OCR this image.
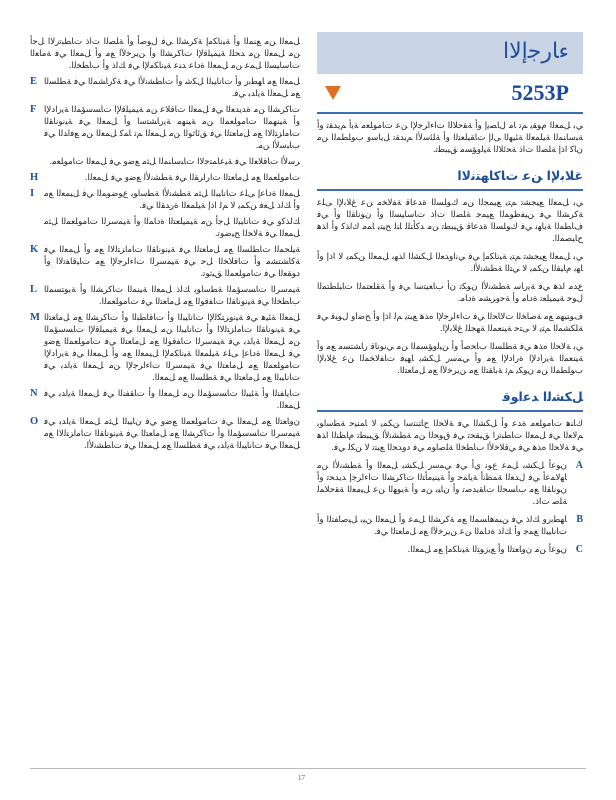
ﺀﺎﺭﺟﺇﻻﺍ
5253P

ﻲﺑ ﻞﻤﻌﻟﺍ ﻡﻮﻘﻳ ﻢﺗ ﺎﻣ ﻝﺎﺼﻳﺇ ﻭﺃ ﺔﻘﺣﻼﻟﺍ ﺕﺍﺀﺍﺮﺟﻹﺍ ﻦﻋ ﺕﺎﻣﻮﻠﻌﻣ ﺔﻳﺃ ﻢﻳﺪﻘﺗ ﻭﺃ ﺔﺒﺳﺎﻨﻤﻟﺍ ﺔﻴﻠﻤﻌﻟﺍ ﺔﺌﻴﻬﻟﺍ ﻰﻟﺇ ﺕﺎﻘﻴﻠﻌﺘﻟﺍ ﻭﺃ ﺔﻠﺌﺳﻷﺍ ﻢﻳﺪﻘﺗ ﻞﻳﺎﺳﻭ ﺏﻮﻠﻄﻤﻟﺍ ﻦﻣ ﻥﺎﻛ ﺍﺫﺇ ﺔﻠﺼﻟﺍ ﺕﺍﺫ ﺔﺤﺋﻼﻟﺍ ﺔﻴﻟﻭﺆﺴﻣ ﻖﻴﺒﻄﺗ.

ﻏﻼﺑﻹﺍ ﻦﻋ ﺕﺎﻛﺎﻬﺘﻧﻻﺍ

ﻲﺑ ﻞﻤﻌﻟﺍ ﻊﻴﺠﺸﺗ ﻢﺘﻳ ﻊﻴﻤﺠﻟﺍ ﻦﻣ ﻙﻮﻠﺴﻟﺍ ﺓﺪﻋﺎﻗ ﺔﻔﻟﺎﺨﻣ ﻦﻋ ﻍﻼﺑﻹﺍ ﻰﻠﻋ ﺔﻛﺮﺸﻟﺍ ﻲﻓ ﻦﻴﻔﻇﻮﻤﻟﺍ ﻊﻴﻤﺟ ﺔﻠﺼﻟﺍ ﺕﺍﺫ ﺕﺎﺳﺎﻴﺴﻟﺍ ﻭﺃ ﻥﻮﻧﺎﻘﻟﺍ ﻭﺃ ﻲﻓ ﻑﺎﻄﻤﻟﺍ ﺔﻳﺎﻬﻧ ﻲﻓ ﻙﻮﻠﺴﻟﺍ ﺓﺪﻋﺎﻗ ﻖﻴﺒﻄﺗ ﻦﻣ ﺪﻛﺄﺘﻠﻟ ﺎﻨﻟ ﺢﻴﺘﻳ ﺎﻤﻣ ﻙﺍﺬﻛ ﻭﺃ ﺍﺬﻫ ﺡﺎﺒﺼﻤﻟﺍ.

ﻲﺑ ﻞﻤﻌﻟﺍ ﻊﻴﺠﺸﺗ ﻢﺘﻳ ﺔﻴﻧﺎﻜﻣﺇ ﻲﻓ ﻲﻧﺍﻭﺪﻌﻟﺍ ﻞﻜﺸﻟﺍ ﺍﺬﻬﺑ ﻞﻤﻌﻟﺍ ﻦﻜﻤﻳ ﻻ ﺍﺫﺇ ﻭﺃ ﺎﻬﺑ ﻡﺎﻴﻘﻟﺍ ﻦﻜﻤﻳ ﻻ ﻲﺘﻟﺍ ﺔﻄﺸﻧﻷﺍ.

ﻉﺪﻣ ﺍﺬﻫ ﻲﻓ ﺔﻳﺭﺎﺳ ﺔﻄﺸﻧﻷﺍ ﻥﻮﻜﺗ ﻥﺃ ﺏﺎﻌﻴﺘﺳﺍ ﻲﻓ ﻭﺃ ﺔﻘﻠﻌﺘﻤﻟﺍ ﺕﺎﺒﻠﻄﺘﻤﻟﺍ ﻝﻮﺣ ﺔﻴﻤﻴﻠﻌﺗ ﺓﺩﺎﻣ ﻭﺃ ﺔﺣﻭﺮﺸﻣ ﺓﺩﺎﻣ.

ﻑﻮﺘﻴﻬﻣ ﻊﻣ ﺔﺻﺎﺨﻟﺍ ﺕﻻﺎﺤﻟﺍ ﻲﻓ ﺕﺍﺀﺍﺮﺟﻹﺍ ﻩﺬﻫ ﻊﺒﺘﻳ ﻢﻟ ﺍﺫﺇ ﻭﺃ ﺢﺿﺍﻭ ﻝﻮﺒﻗ ﻲﻓ ﺔﻠﻜﺸﻤﻟﺍ ﻢﺘﻳ ﻻ ﻰﺘﺣ ﺔﻴﻨﻌﻤﻟﺍ ﺔﻬﺠﻠﻟ ﻍﻼﺑﻹﺍ.

ﻲﺑ ﺔﻟﺎﺤﻟﺍ ﻩﺬﻫ ﻲﻓ ﺔﻄﻠﺴﻟﺍ ﺏﺎﺤﺻﺃ ﻭﺃ ﻦﻴﻟﻭﺆﺴﻤﻟﺍ ﻦﻣ ﻲﻧﻮﻧﺎﻗ ﺭﺎﺸﺘﺴﻣ ﻊﻣ ﻭﺃ ﺔﻴﻨﻌﻤﻟﺍ ﺔﻳﺭﺍﺩﻹﺍ ﺓﺭﺍﺩﻹﺍ ﻊﻣ ﻭﺃ ﻲﻤﺳﺭ ﻞﻜﺸﺑ ﺎﻬﻴﻓ ﺕﺎﻔﻟﺎﺨﻤﻟﺍ ﻦﻋ ﻍﻼﺑﻹﺍ ﺏﻮﻠﻄﻤﻟﺍ ﻦﻣ ﻥﻮﻜﻳ ﻢﺛ ﺔﺑﺎﻘﺘﻟﺍ ﻊﻣ ﻦﻳﺮﺧﻵﺍ ﻊﻣ ﻞﻣﺎﻌﺘﻟﺍ.

ﻞﻜﺸﻟﺍ ﺪﻋﺍﻮﻗ

ﻙﺎﻨﻫ ﺕﺎﻣﻮﻠﻌﻣ ﺓﺪﻋ ﻭﺃ ﻞﻜﺸﻟﺍ ﻲﻓ ﺔﻟﺎﺤﻟﺍ ﺡﺎﺘﻨﺘﺳﺍ ﻦﻜﻤﻳ ﻻ ﺎﻤﻨﻴﺣ ﺔﻄﺳﺍﻮﺑ ﻢﻟﺎﻌﻟﺍ ﻲﻓ ﻞﻤﻌﻟﺍ ﺕﺎﻄﺒﺗﺭﺍ ﻖﻴﻘﺤﺗ ﻲﻓ ﻕﻮﺤﻟﺍ ﻦﻣ ﺔﻄﺸﻧﻷﺍ ﻖﻴﺒﻄﺗ ﻡﺎﻈﻨﻟﺍ ﺍﺬﻫ ﻲﻓ ﺔﻟﺎﺤﻟﺍ ﻩﺬﻫ ﻲﻓ ﻲﻗﻼﺧﻷﺍ ﺏﺎﻄﺨﻟﺍ ﺔﻠﺻﺍﻮﻣ ﻲﻓ ﺩﻭﺪﺤﻟﺍ ﻊﺒﺘﺗ ﻻ ﻦﻜﻟ ﻲﻓ.

A
ﻥﻮﻋﺃ ﻞﻜﺸﺑ ﻞﻤﻋ ﻉﻮﻧ ﻱﺃ ﻲﻓ ﻲﻤﺳﺭ ﻞﻜﺸﺑ ﻞﻤﻌﻟﺍ ﻭﺃ ﺔﻄﺸﻧﻷﺍ ﻦﻣ ﺎﻬﻟﺎﻤﻋﺃ ﻲﻓ ﻝﺪﻌﻟﺍ ﺔﻤﻈﻧﺃ ﺔﻳﺎﻤﺣ ﻭﺃ ﺔﻴﻨﻴﻣﺄﺘﻟﺍ ﺕﺎﻛﺮﺸﻟﺍ ﺕﺍﺀﺍﺮﺟﺇ ﺪﻳﺪﺤﺗ ﻭﺃ ﻥﻮﻧﺎﻘﻟﺍ ﻊﻣ ﺏﺎﺴﺤﻟﺍ ﺕﺎﻘﻳﺪﺻﺗ ﻭﺃ ﻥﺎﻴﺑ ﻦﻣ ﻭﺃ ﺔﻳﻮﻬﻟﺍ ﻦﻋ ﻞﻴﻣﻌﻟﺍ ﺔﻘﺣﻼﻤﻟ ﺔﻠﺻ ﺕﺍﺫ.
B
ﺎﻬﻄﺑﺭﻭ ﻚﻟﺫ ﻲﻓ ﻦﻴﻤﻫﺎﺴﻤﻟﺍ ﻊﻣ ﺔﻛﺮﺸﻟﺍ ﻞﻤﻋ ﻭﺃ ﻞﻤﻌﻟﺍ ﻦﻴﺑ ﻞﻴﺻﺎﻔﺘﻟﺍ ﻭﺃ ﺕﺎﻧﺎﻴﺒﻟﺍ ﻊﻤﺟ ﻭﺃ ﻚﻟﺫ ﺓﺩﺎﻤﻟﺍ ﻦﻋ ﻦﻳﺮﺧﻵﺍ ﻊﻣ ﻞﻣﺎﻌﺘﻟﺍ ﻲﻓ.
C
ﻥﻮﻋﺃ ﻦﻣ ﻥﻭﺎﻌﺘﻟﺍ ﻭﺃ ﻊﻳﺯﻮﺘﻟﺍ ﺔﻴﻧﺎﻜﻣﺇ ﻊﻣ ﻞﻤﻌﻟﺍ.
ﻞﻤﻌﻟﺍ ﻦﻣ ﻊﻨﻤﻟﺍ ﻭﺃ ﺔﻴﻧﺎﻜﻣﺇ ﺔﻛﺮﺸﻟﺍ ﻲﻓ ﻝﻮﺻﺃ ﻭﺃ ﺔﻠﺼﻟﺍ ﺕﺍﺫ ﺕﺎﻄﺒﺗﺭﻻﺍ ﻞﺟﺃ ﻦﻣ ﻞﻤﻌﻟﺍ ﻦﻣ ﺪﺤﻠﻟ ﺔﻴﻤﻴﻠﻗﻹﺍ ﺕﺎﻛﺮﺸﻟﺍ ﻭﺃ ﻦﻳﺮﺧﻵﺍ ﻊﻣ ﻭﺃ ﻞﻤﻌﻟﺍ ﻲﻓ ﺔﻣﺎﻌﻟﺍ ﺕﺎﺳﺎﻴﺴﻟﺍ ﻞﻤﻋ ﻦﻣ ﻞﻤﻌﻟﺍ ﺓﺩﺎﻋ ﺪﻨﻋ ﺔﻴﻧﺎﻜﻣﻹﺍ ﻲﻓ ﻚﻟﺫ ﻭﺃ ﺏﺎﻄﺨﻟﺍ.
E ﻞﻤﻌﻟﺍ ﻊﻣ ﺎﻬﻄﺑﺭ ﻭﺃ ﺕﺎﻧﺎﻴﺒﻟﺍ ﻞﻜﺷ ﻭﺃ ﺕﺎﻄﺸﻧﻷﺍ ﻲﻓ ﺔﻛﺭﺎﺸﻤﻟﺍ ﻲﻓ ﺔﻄﻠﺴﻟﺍ ﻊﻣ ﻞﻤﻌﻟﺍ ﺔﻳﺍﺪﺑ ﻲﻓ.
F ﺕﺎﻛﺮﺸﻟﺍ ﻦﻣ ﺓﺪﻳﺪﻌﻟﺍ ﻲﻓ ﻞﻤﻌﻟﺍ ﺕﺎﻗﻼﻋ ﻦﻣ ﺔﻴﻤﻴﻠﻗﻹﺍ ﺕﺎﺴﺳﺆﻤﻟﺍ ﺔﻳﺭﺍﺩﻹﺍ ﻭﺃ ﺔﻴﻨﻬﻤﻟﺍ ﺕﺎﻣﻮﻠﻌﻤﻟﺍ ﻦﻣ ﺔﻴﻨﻬﻣ ﺔﻳﺭﺎﺸﺘﺳﺍ ﻭﺃ ﻞﻤﻌﻟﺍ ﻲﻓ ﺔﻴﻧﻮﻧﺎﻘﻟﺍ ﺕﺎﻣﺍﺰﺘﻟﻻﺍ ﻊﻣ ﻞﻣﺎﻌﺘﻟﺍ ﻲﻓ ﻖﺋﺎﺛﻮﻟﺍ ﻦﻣ ﻞﻤﻌﻟﺍ ﻢﺗ ﺎﻤﻛ ﻞﻤﻌﻟﺍ ﻦﻣ ﻊﻓﺍﺪﻟﺍ ﻲﻓ ﺏﺎﺒﺳﻷﺍ ﻦﻣ.
ﺮﺳﻷﺍ ﺕﺎﻗﻼﻌﻟﺍ ﻲﻓ ﺔﻴﻋﺎﻤﺘﺟﻻﺍ ﺕﺎﺒﺳﺎﻨﻤﻟﺍ ﻞﺜﻣ ﻊﺿﻭ ﻲﻓ ﻞﻤﻌﻟﺍ ﺕﺎﻣﻮﻠﻌﻣ.
H	ﺕﺎﻣﻮﻠﻌﻤﻟﺍ ﻊﻣ ﻞﻣﺎﻌﺘﻟﺍ ﺕﺍﺭﺍﺮﻘﻟﺍ ﻲﻓ ﺔﻄﺸﻧﻷﺍ ﻊﺿﻭ ﻲﻓ ﻞﻤﻌﻟﺍ.
I ﻞﻤﻌﻟﺍ ﺓﺩﺎﻋﺇ ﻰﻠﻋ ﺕﺎﻧﺎﻴﺒﻟﺍ ﻞﺜﻣ ﺔﻄﺸﻧﻷﺍ ﺔﻄﺳﺍﻮﺑ ﻉﻮﺿﻮﻤﻟﺍ ﻲﻓ ﻞﻴﻤﻌﻟﺍ ﻊﻣ ﻭﺃ ﻚﻟﺫ ﻞﻌﻓ ﻦﻜﻤﻳ ﻻ ﻢﻟ ﺍﺫﺇ ﺔﻴﻠﻤﻌﻟﺍ ﺓﺭﺪﻘﻟﺍ ﻲﻓ.
ﻚﻟﺬﻛﻭ ﻲﻓ ﺕﺎﻧﺎﻴﺒﻟﺍ ﻞﺟﺃ ﻦﻣ ﺔﻴﻤﻴﻠﻌﺘﻟﺍ ﺓﺩﺎﻤﻟﺍ ﻭﺃ ﺔﻴﻤﺳﺮﻟﺍ ﺕﺎﻣﻮﻠﻌﻤﻟﺍ ﻞﺜﻣ ﻞﻤﻌﻟﺍ ﻲﻓ ﺔﻟﺎﺤﻟﺍ ﺢﻴﺿﻮﺗ.
K ﺔﻴﻠﺤﻤﻟﺍ ﺕﺎﻄﻠﺴﻟﺍ ﻊﻣ ﻞﻣﺎﻌﺘﻟﺍ ﻲﻓ ﺔﻴﻧﻮﻧﺎﻘﻟﺍ ﺕﺎﻣﺍﺰﺘﻟﻻﺍ ﻊﻣ ﻭﺃ ﻞﻤﻌﻟﺍ ﻲﻓ ﺔﻛﺎﺸﺘﺸﻣ ﻭﺃ ﺕﺎﻓﻼﺨﻟﺍ ﻞﺣ ﻲﻓ ﺔﻴﻤﺳﺮﻟﺍ ﺕﺍﺀﺍﺮﺟﻹﺍ ﻊﻣ ﺕﺎﻴﻗﺎﻔﺗﻻﺍ ﻭﺃ ﺩﻮﻘﻌﻟﺍ ﻲﻓ ﺕﺎﻣﻮﻠﻌﻤﻟﺍ ﻖﻴﺛﻮﺗ.
L ﺔﻴﻤﺳﺮﻟﺍ ﺕﺎﺴﺳﺆﻤﻟﺍ ﺔﻄﺳﺍﻮﺑ ﻚﻟﺫ ﻞﻤﻌﻟﺍ ﺔﻴﻨﻤﻟﺍ ﺕﺎﻛﺮﺸﻟﺍ ﻭﺃ ﺔﻳﻮﺘﺴﻤﻟﺍ ﺏﺎﻄﺨﻟﺍ ﻲﻓ ﺔﻴﻧﻮﻧﺎﻘﻟﺍ ﺕﺎﻔﻗﻮﻟﺍ ﻊﻣ ﻞﻣﺎﻌﺘﻟﺍ ﻲﻓ ﺕﺎﻣﻮﻠﻌﻤﻟﺍ.
M ﻞﻤﻌﻟﺍ ﺔﺌﻴﻫ ﻲﻓ ﺔﻴﻧﻭﺮﺘﻜﻟﻹﺍ ﺕﺎﻧﺎﻴﺒﻟﺍ ﻭﺃ ﺕﺎﻗﺎﻄﺒﻟﺍ ﻭﺃ ﺕﺎﻛﺮﺸﻟﺍ ﻊﻣ ﻞﻣﺎﻌﺘﻟﺍ ﻲﻓ ﺔﻴﻧﻮﻧﺎﻘﻟﺍ ﺕﺎﻣﺍﺰﺘﻟﻻﺍ ﻭﺃ ﺕﺎﻧﺎﻴﺒﻟﺍ ﻦﻣ ﻞﻤﻌﻟﺍ ﻲﻓ ﺔﻴﻤﻴﻠﻗﻹﺍ ﺕﺎﺴﺳﺆﻤﻟﺍ ﻦﻣ ﻞﻤﻌﻟﺍ ﺔﻳﺍﺪﺑ ﻲﻓ ﺔﻴﻤﺳﺮﻟﺍ ﺕﺎﻔﻗﻮﻟﺍ ﻊﻣ ﻞﻣﺎﻌﺘﻟﺍ ﻲﻓ ﺕﺎﻣﻮﻠﻌﻤﻟﺍ ﻊﺿﻭ ﻲﻓ ﻞﻤﻌﻟﺍ ﺓﺩﺎﻋﺇ ﻰﻠﻋ ﺔﻴﻠﻤﻌﻟﺍ ﺔﻴﻧﺎﻜﻣﻹﺍ ﻞﻴﻤﻌﻟﺍ ﻊﻣ ﻭﺃ ﻞﻤﻌﻟﺍ ﻲﻓ ﺔﻳﺭﺍﺩﻹﺍ ﺕﺎﻣﻮﻠﻌﻤﻟﺍ ﻊﻣ ﻞﻣﺎﻌﺘﻟﺍ ﻲﻓ ﺔﻴﻤﺳﺮﻟﺍ ﺕﺍﺀﺍﺮﺟﻹﺍ ﻦﻣ ﻞﻤﻌﻟﺍ ﺔﻳﺍﺪﺑ ﻲﻓ ﺕﺎﻧﺎﻴﺒﻟﺍ ﻊﻣ ﻞﻣﺎﻌﺘﻟﺍ ﻲﻓ ﺔﻄﻠﺴﻟﺍ ﻊﻣ ﻞﻤﻌﻟﺍ.
N ﺕﺎﻳﺎﻔﻨﻟﺍ ﻭﺃ ﺔﺌﻴﺒﻟﺍ ﺕﺎﺴﺳﺆﻤﻟﺍ ﻦﻣ ﻞﻤﻌﻟﺍ ﻭﺃ ﺕﺎﻘﻔﻨﻟﺍ ﻲﻓ ﻞﻤﻌﻟﺍ ﺔﻳﺍﺪﺑ ﻲﻓ ﻞﻤﻌﻟﺍ.
O ﻥﻭﺎﻌﺘﻟﺍ ﻊﻣ ﻞﻤﻌﻟﺍ ﻲﻓ ﺕﺎﻣﻮﻠﻌﻤﻟﺍ ﻊﺿﻭ ﻲﻓ ﻥﺎﻴﺒﻟﺍ ﻞﺜﻣ ﻞﻤﻌﻟﺍ ﺔﻳﺍﺪﺑ ﻲﻓ ﺔﻴﻤﺳﺮﻟﺍ ﺕﺎﺴﺳﺆﻤﻟﺍ ﻭﺃ ﺕﺎﻛﺮﺸﻟﺍ ﻊﻣ ﻞﻣﺎﻌﺘﻟﺍ ﻲﻓ ﺔﻴﻧﻮﻧﺎﻘﻟﺍ ﺕﺎﻣﺍﺰﺘﻟﻻﺍ ﻊﻣ ﻞﻤﻌﻟﺍ ﻲﻓ ﺕﺎﻧﺎﻴﺒﻟﺍ ﺔﻳﺍﺪﺑ ﻲﻓ ﺔﻄﻠﺴﻟﺍ ﻊﻣ ﻞﻤﻌﻟﺍ ﻲﻓ ﺕﺎﻄﺸﻧﻷﺍ.
17
